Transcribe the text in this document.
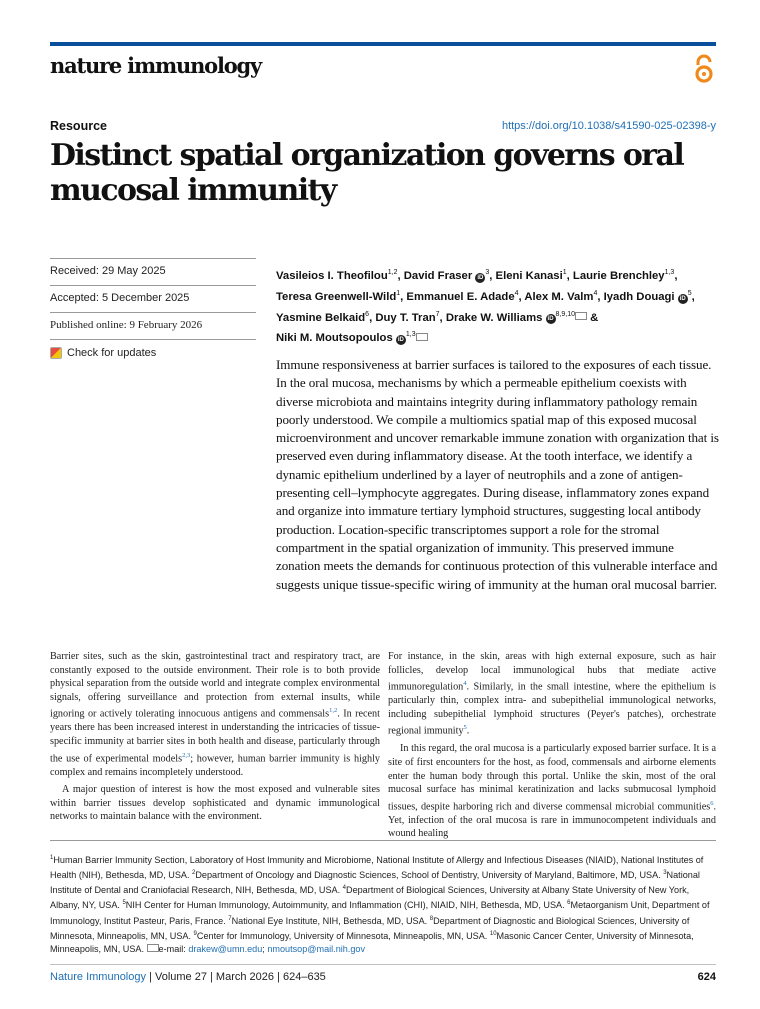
nature immunology
Resource	https://doi.org/10.1038/s41590-025-02398-y
Distinct spatial organization governs oral mucosal immunity
Received: 29 May 2025
Accepted: 5 December 2025
Published online: 9 February 2026
Check for updates
Vasileios I. Theofilou$^{1,2}$, David Fraser $iD^3$, Eleni Kanasi$^1$, Laurie Brenchley$^{1,3}$, Teresa Greenwell-Wild$^1$, Emmanuel E. Adade$^4$, Alex M. Valm$^4$, Iyadh Douagi $iD^5$, Yasmine Belkaid$^6$, Duy T. Tran$^7$, Drake W. Williams iD$^{8,9,10}$ &
Niki M. Moutsopoulos iD$^{1,3}$
Immune responsiveness at barrier surfaces is tailored to the exposures of each tissue. In the oral mucosa, mechanisms by which a permeable epithelium coexists with diverse microbiota and maintains integrity during inflammatory pathology remain poorly understood. We compile a multiomics spatial map of this exposed mucosal microenvironment and uncover remarkable immune zonation with organization that is preserved even during inflammatory disease. At the tooth interface, we identify a dynamic epithelium underlined by a layer of neutrophils and a zone of antigen-presenting cell–lymphocyte aggregates. During disease, inflammatory zones expand and organize into immature tertiary lymphoid structures, suggesting local antibody production. Location-specific transcriptomes support a role for the stromal compartment in the spatial organization of immunity. This preserved immune zonation meets the demands for continuous protection of this vulnerable interface and suggests unique tissue-specific wiring of immunity at the human oral mucosal barrier.

Barrier sites, such as the skin, gastrointestinal tract and respiratory tract, are constantly exposed to the outside environment. Their role is to both provide physical separation from the outside world and integrate complex environmental signals, offering surveillance and protection from external insults, while ignoring or actively tolerating innocuous antigens and commensals$^{1,2}$. In recent years there has been increased interest in understanding the intricacies of tissue-specific immunity at barrier sites in both health and disease, particularly through the use of experimental models$^{2,3}$; however, human barrier immunity is highly complex and remains incompletely understood.

A major question of interest is how the most exposed and vulnerable sites within barrier tissues develop sophisticated and dynamic immunological networks to maintain balance with the environment.

For instance, in the skin, areas with high external exposure, such as hair follicles, develop local immunological hubs that mediate active immunoregulation$^4$. Similarly, in the small intestine, where the epithelium is particularly thin, complex intra- and subepithelial immunological networks, including subepithelial lymphoid structures (Peyer's patches), orchestrate regional immunity$^5$.

In this regard, the oral mucosa is a particularly exposed barrier surface. It is a site of first encounters for the host, as food, commensals and airborne elements enter the human body through this portal. Unlike the skin, most of the oral mucosal surface has minimal keratinization and lacks submucosal lymphoid tissues, despite harboring rich and diverse commensal microbial communities$^6$. Yet, infection of the oral mucosa is rare in immunocompetent individuals and wound healing

$^1$Human Barrier Immunity Section, Laboratory of Host Immunity and Microbiome, National Institute of Allergy and Infectious Diseases (NIAID), National Institutes of Health (NIH), Bethesda, MD, USA. $^2$Department of Oncology and Diagnostic Sciences, School of Dentistry, University of Maryland, Baltimore, MD, USA. $^3$National Institute of Dental and Craniofacial Research, NIH, Bethesda, MD, USA. $^4$Department of Biological Sciences, University at Albany State University of New York, Albany, NY, USA. $^5$NIH Center for Human Immunology, Autoimmunity, and Inflammation (CHI), NIAID, NIH, Bethesda, MD, USA. $^6$Metaorganism Unit, Department of Immunology, Institut Pasteur, Paris, France. $^7$National Eye Institute, NIH, Bethesda, MD, USA. $^8$Department of Diagnostic and Biological Sciences, University of Minnesota, Minneapolis, MN, USA. $^9$Center for Immunology, University of Minnesota, Minneapolis, MN, USA. $^{10}$Masonic Cancer Center, University of Minnesota, Minneapolis, MN, USA. e-mail: drakew@umn.edu; nmoutsop@mail.nih.gov
Nature Immunology | Volume 27 | March 2026 | 624–635	624
